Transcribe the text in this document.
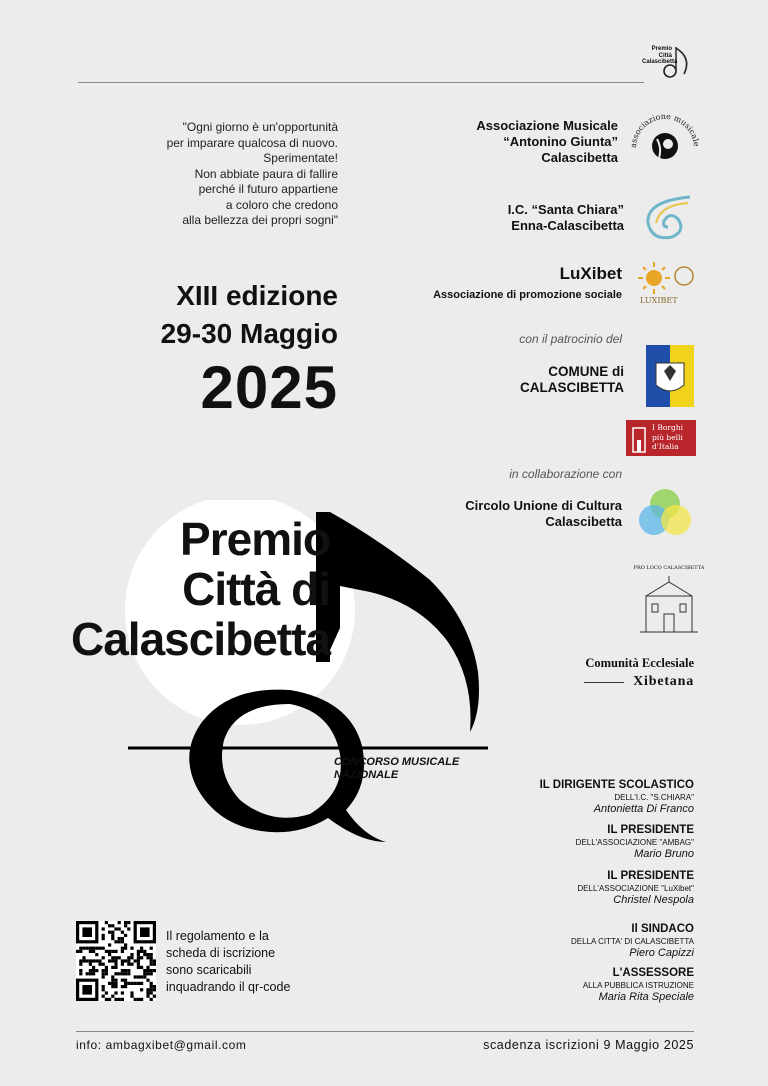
Premio
Città
Calascibetta
"Ogni giorno è un'opportunità
per imparare qualcosa di nuovo.
Sperimentate!
Non abbiate paura di fallire
perché il futuro appartiene
a coloro che credono
alla bellezza dei propri sogni"
XIII edizione
29-30 Maggio
2025
Associazione Musicale
“Antonino Giunta”
Calascibetta
associazione musicale
I.C. “Santa Chiara”
Enna-Calascibetta
LuXibet
Associazione di promozione sociale LUXIBET
con il patrocinio del
COMUNE di
CALASCIBETTA
I Borghi
più belli
d'Italia
in collaborazione con
Circolo Unione di Cultura
Calascibetta
PRO LOCO CALASCIBETTA
Comunità Ecclesiale
Xibetana
Premio
Città di
Calascibetta
CONCORSO MUSICALE
NAZIONALE
IL DIRIGENTE SCOLASTICO
DELL'I.C. "S.CHIARA"
Antonietta Di Franco
IL PRESIDENTE
DELL'ASSOCIAZIONE "AMBAG"
Mario Bruno
IL PRESIDENTE
DELL'ASSOCIAZIONE "LuXibet"
Christel Nespola
Il SINDACO
DELLA CITTA' DI CALASCIBETTA
Piero Capizzi
L'ASSESSORE
ALLA PUBBLICA ISTRUZIONE
Maria Rita Speciale
Il regolamento e la
scheda di iscrizione
sono scaricabili
inquadrando il qr-code
info: ambagxibet@gmail.com	scadenza iscrizioni 9 Maggio 2025
